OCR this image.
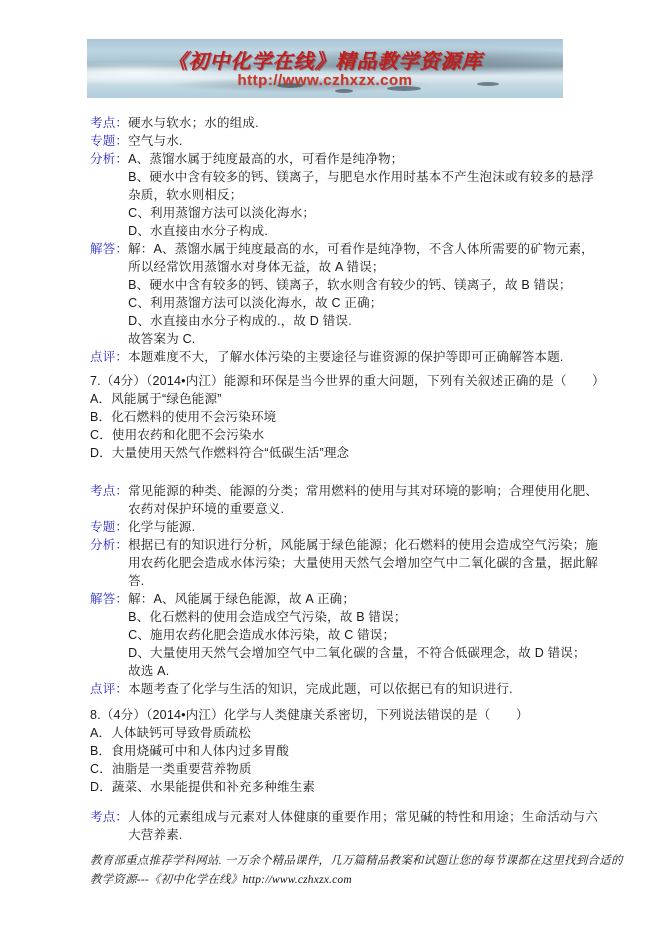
《初中化学在线》精品教学资源库
http://www.czhxzx.com
考点： 硬水与软水；水的组成.
专题： 空气与水.
分析： A、蒸馏水属于纯度最高的水，可看作是纯净物；
B、硬水中含有较多的钙、镁离子，与肥皂水作用时基本不产生泡沫或有较多的悬浮
杂质，软水则相反；
C、利用蒸馏方法可以淡化海水；
D、水直接由水分子构成.
解答： 解：A、蒸馏水属于纯度最高的水，可看作是纯净物，不含人体所需要的矿物元素，
所以经常饮用蒸馏水对身体无益，故 A 错误；
B、硬水中含有较多的钙、镁离子，软水则含有较少的钙、镁离子，故 B 错误；
C、利用蒸馏方法可以淡化海水，故 C 正确；
D、水直接由水分子构成的.，故 D 错误.
故答案为 C.
点评： 本题难度不大，了解水体污染的主要途径与谁资源的保护等即可正确解答本题.
7.（4分）（2014•内江）能源和环保是当今世界的重大问题，下列有关叙述正确的是（　　）
A．风能属于“绿色能源”
B．化石燃料的使用不会污染环境
C．使用农药和化肥不会污染水
D．大量使用天然气作燃料符合“低碳生活”理念
考点： 常见能源的种类、能源的分类；常用燃料的使用与其对环境的影响；合理使用化肥、
农药对保护环境的重要意义.
专题： 化学与能源.
分析： 根据已有的知识进行分析，风能属于绿色能源；化石燃料的使用会造成空气污染；施
用农药化肥会造成水体污染；大量使用天然气会增加空气中二氧化碳的含量，据此解
答.
解答： 解：A、风能属于绿色能源，故 A 正确；
B、化石燃料的使用会造成空气污染，故 B 错误；
C、施用农药化肥会造成水体污染，故 C 错误；
D、大量使用天然气会增加空气中二氧化碳的含量，不符合低碳理念，故 D 错误；
故选 A.
点评： 本题考查了化学与生活的知识，完成此题，可以依据已有的知识进行.
8.（4分）（2014•内江）化学与人类健康关系密切，下列说法错误的是（　　）
A．人体缺钙可导致骨质疏松
B．食用烧碱可中和人体内过多胃酸
C．油脂是一类重要营养物质
D．蔬菜、水果能提供和补充多种维生素
考点： 人体的元素组成与元素对人体健康的重要作用；常见碱的特性和用途；生命活动与六
大营养素.
教育部重点推荐学科网站. 一万余个精品课件，几万篇精品教案和试题让您的每节课都在这里找到合适的
教学资源---《初中化学在线》http://www.czhxzx.com
